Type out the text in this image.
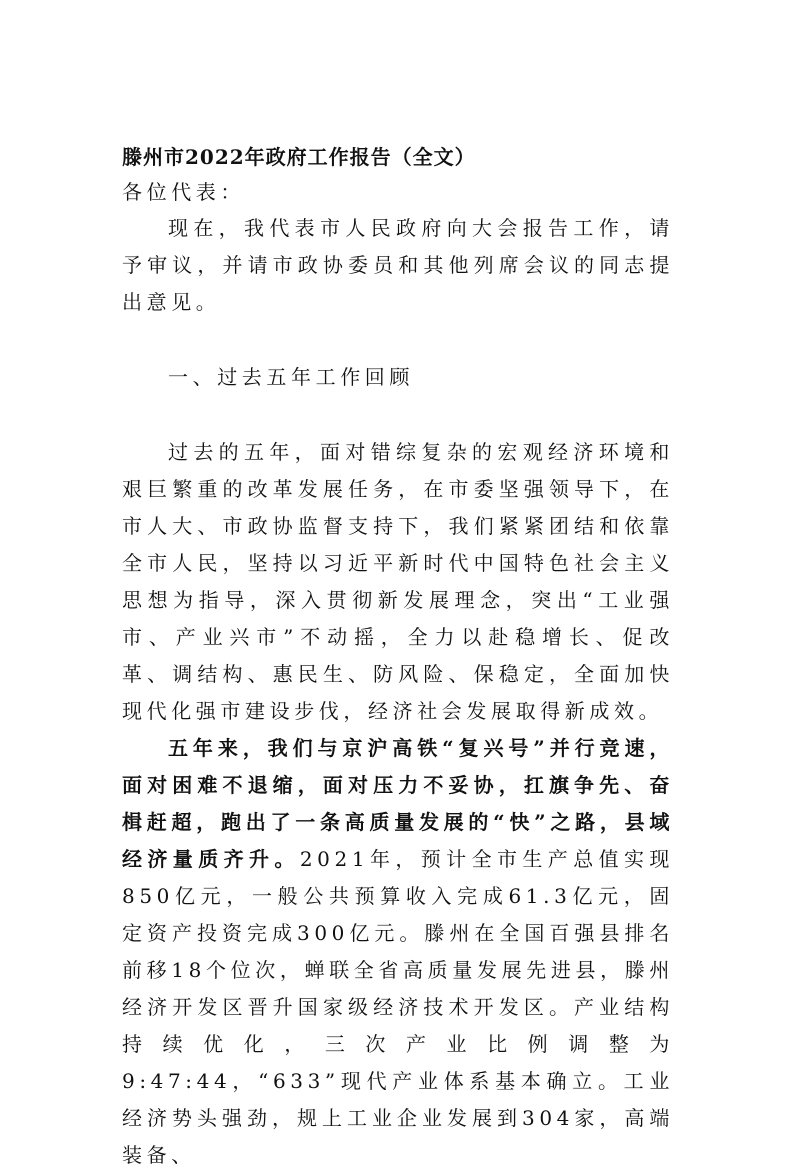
滕州市2022年政府工作报告（全文）

各位代表：

现在，我代表市人民政府向大会报告工作，请予审议，并请市政协委员和其他列席会议的同志提出意见。

一、过去五年工作回顾

过去的五年，面对错综复杂的宏观经济环境和艰巨繁重的改革发展任务，在市委坚强领导下，在市人大、市政协监督支持下，我们紧紧团结和依靠全市人民，坚持以习近平新时代中国特色社会主义思想为指导，深入贯彻新发展理念，突出“工业强市、产业兴市”不动摇，全力以赴稳增长、促改革、调结构、惠民生、防风险、保稳定，全面加快现代化强市建设步伐，经济社会发展取得新成效。

五年来，我们与京沪高铁“复兴号”并行竞速，面对困难不退缩，面对压力不妥协，扛旗争先、奋楫赶超，跑出了一条高质量发展的“快”之路，县域经济量质齐升。2021年，预计全市生产总值实现850亿元，一般公共预算收入完成61.3亿元，固定资产投资完成300亿元。滕州在全国百强县排名前移18个位次，蝉联全省高质量发展先进县，滕州经济开发区晋升国家级经济技术开发区。产业结构持续优化，三次产业比例调整为9:47:44，“633”现代产业体系基本确立。工业经济势头强劲，规上工业企业发展到304家，高端装备、
